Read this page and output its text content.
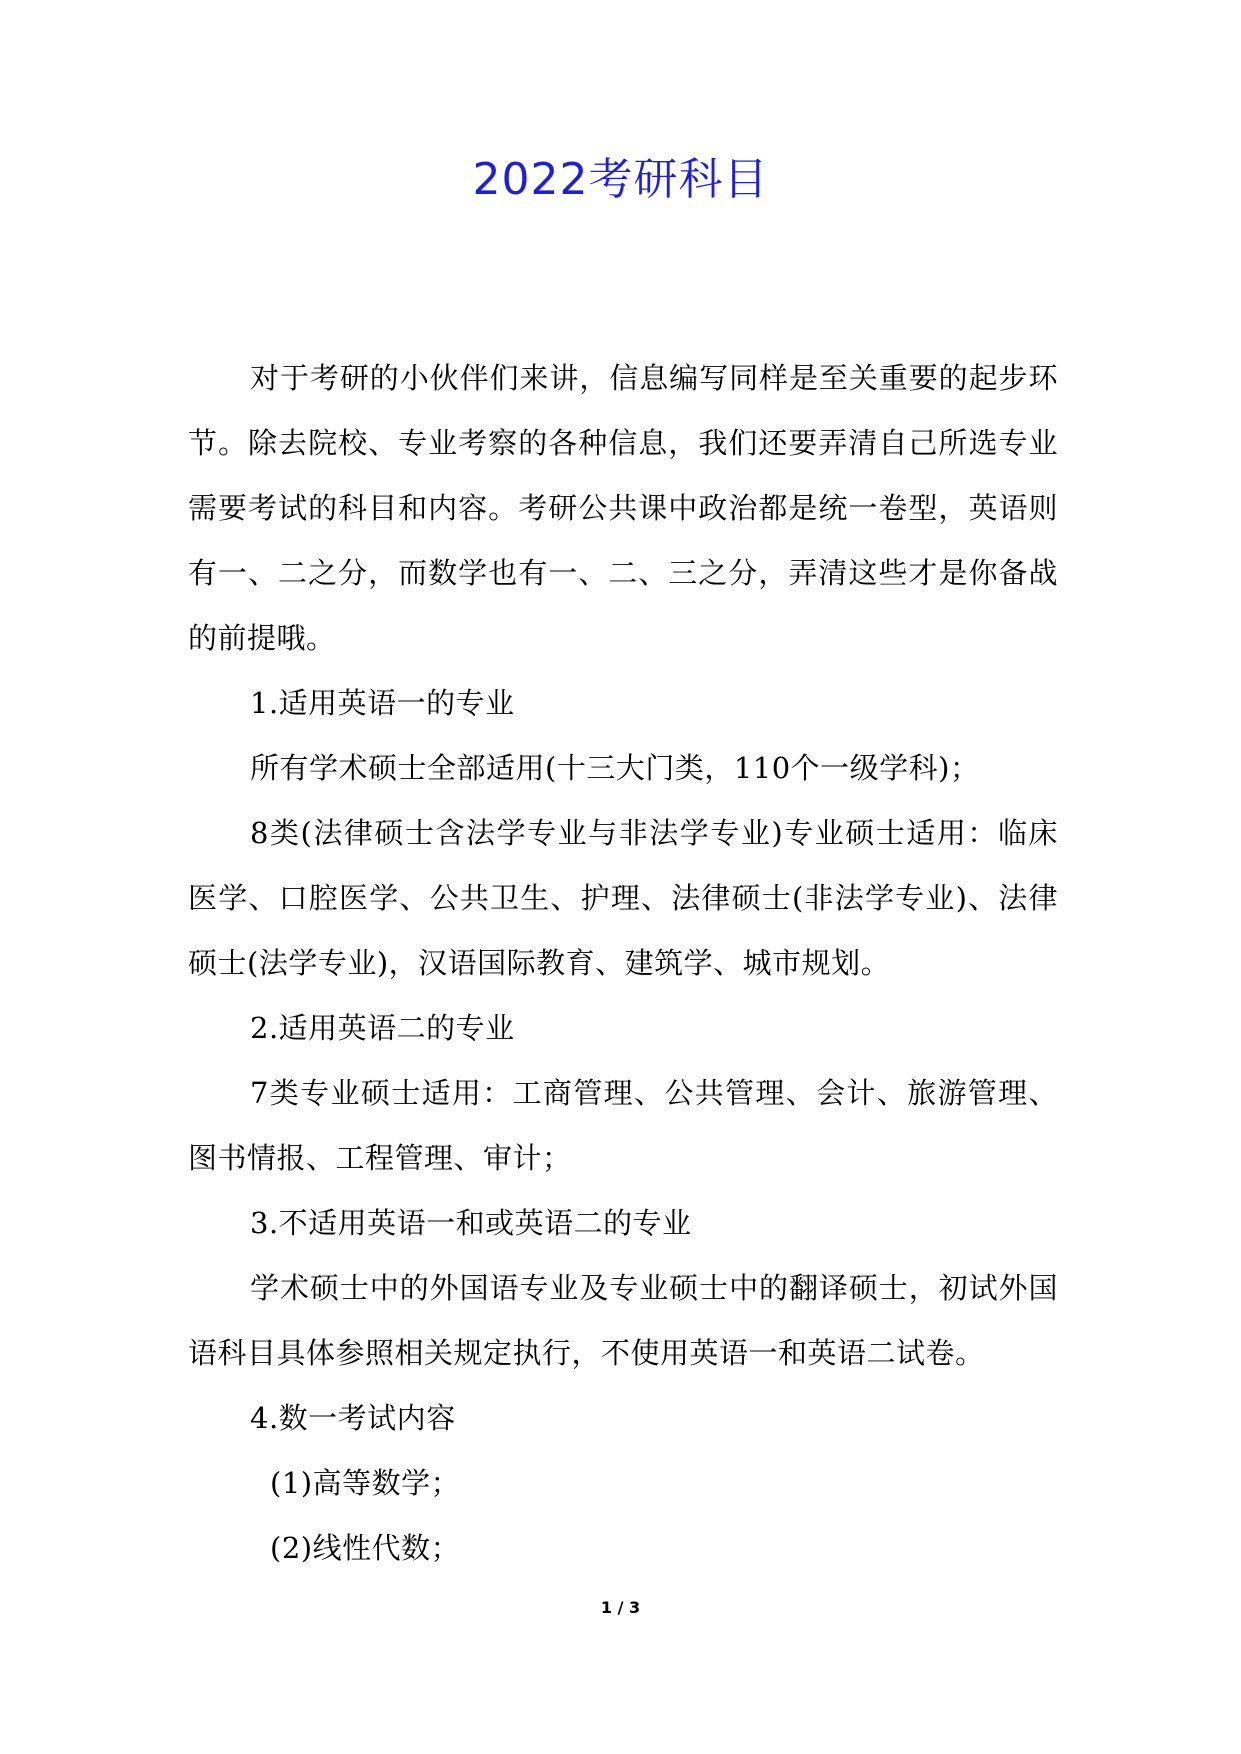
2022考研科目

对于考研的小伙伴们来讲，信息编写同样是至关重要的起步环节。除去院校、专业考察的各种信息，我们还要弄清自己所选专业需要考试的科目和内容。考研公共课中政治都是统一卷型，英语则有一、二之分，而数学也有一、二、三之分，弄清这些才是你备战的前提哦。

1.适用英语一的专业

所有学术硕士全部适用(十三大门类，110个一级学科)；

8类(法律硕士含法学专业与非法学专业)专业硕士适用：临床医学、口腔医学、公共卫生、护理、法律硕士(非法学专业)、法律硕士(法学专业)，汉语国际教育、建筑学、城市规划。

2.适用英语二的专业

7类专业硕士适用：工商管理、公共管理、会计、旅游管理、图书情报、工程管理、审计；

3.不适用英语一和或英语二的专业

学术硕士中的外国语专业及专业硕士中的翻译硕士，初试外国语科目具体参照相关规定执行，不使用英语一和英语二试卷。

4.数一考试内容

(1)高等数学；

(2)线性代数；

1 / 3
